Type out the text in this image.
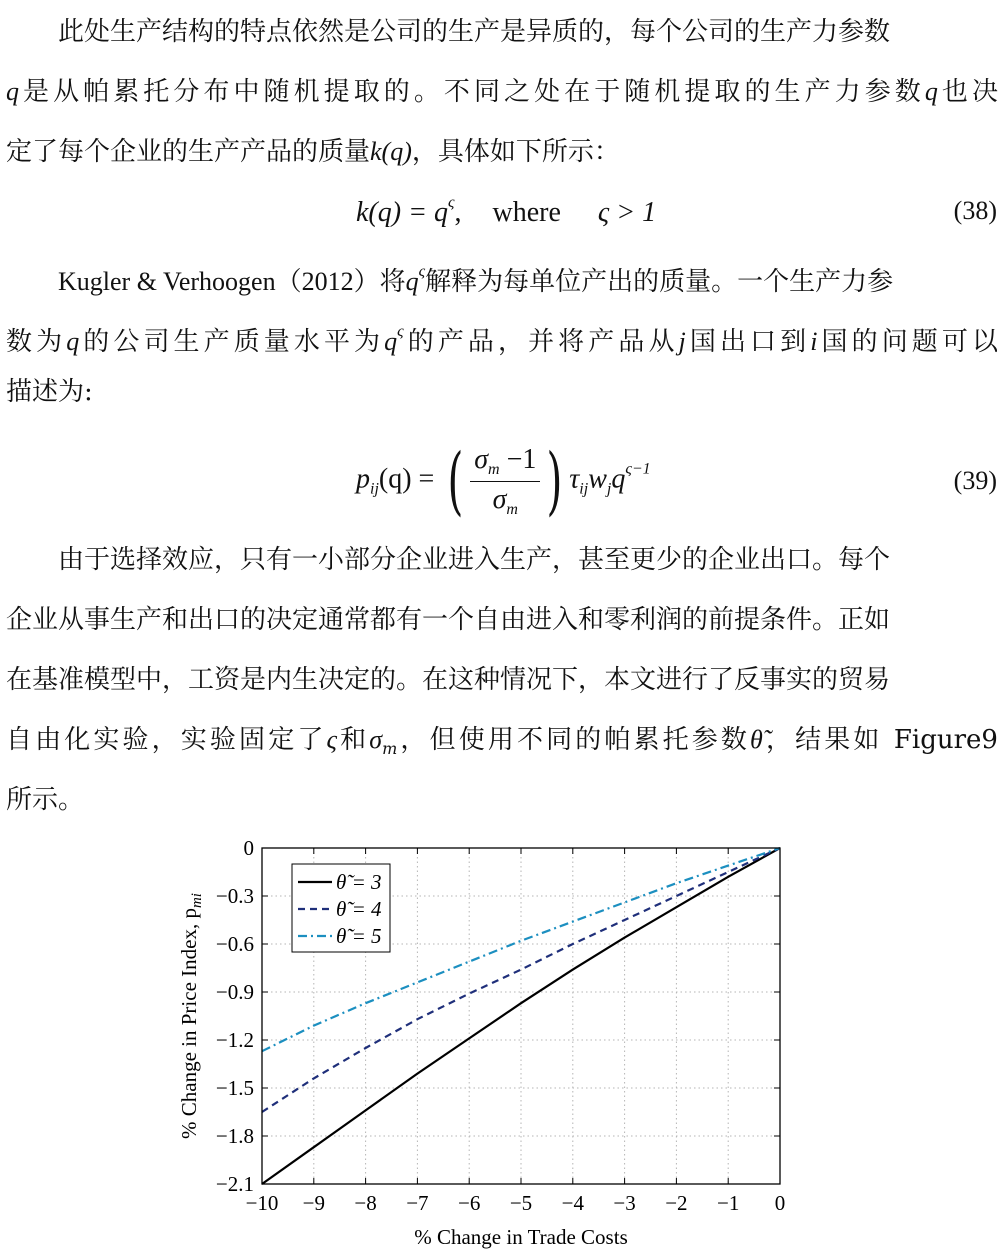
此处生产结构的特点依然是公司的生产是异质的，每个公司的生产力参数
q是从帕累托分布中随机提取的。不同之处在于随机提取的生产力参数q也决
定了每个企业的生产产品的质量k(q)，具体如下所示：
$k(q) = q^\varsigma$, where ς > 1	(38)
Kugler & Verhoogen（2012）将$q^\varsigma$解释为每单位产出的质量。一个生产力参
数为q的公司生产质量水平为$q^\varsigma$的产品，并将产品从j国出口到i国的问题可以
描述为:
$p_{ij}(q)$ = ( $\frac{\sigma_m -1}{\sigma_m}$ ) $\tau_{ij}w_jq^{\varsigma-1}$	(39)
由于选择效应，只有一小部分企业进入生产，甚至更少的企业出口。每个
企业从事生产和出口的决定通常都有一个自由进入和零利润的前提条件。正如
在基准模型中，工资是内生决定的。在这种情况下，本文进行了反事实的贸易
自由化实验，实验固定了ς和$\sigma_m$，但使用不同的帕累托参数θ̃，结果如 Figure9
所示。
−10 −9 −8 −7 −6 −5 −4 −3 −2 −1 0
0
−0.3
−0.6
−0.9
−1.2
−1.5
−1.8
−2.1
θ̃ = 3
θ̃ = 4
θ̃ = 5
% Change in Trade Costs
% Change in Price Index, $p_{mi}$
